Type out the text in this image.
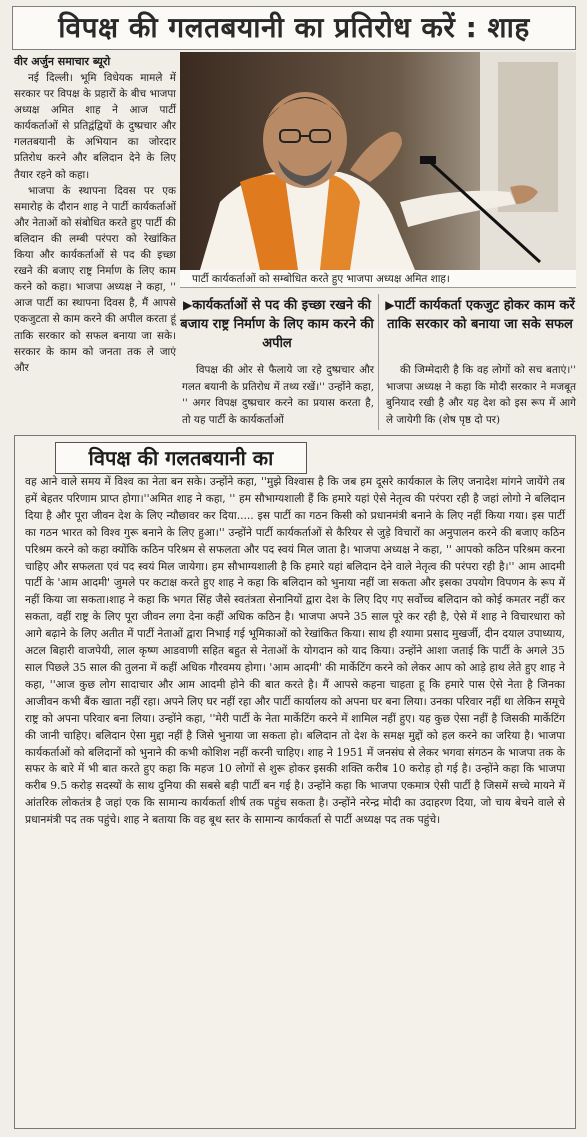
विपक्ष की गलतबयानी का प्रतिरोध करें : शाह
वीर अर्जुन समाचार ब्यूरो

नई दिल्ली। भूमि विधेयक मामले में सरकार पर विपक्ष के प्रहारों के बीच भाजपा अध्यक्ष अमित शाह ने आज पार्टी कार्यकर्ताओं से प्रतिद्वंद्वियों के दुष्प्रचार और गलतबयानी के अभियान का जोरदार प्रतिरोध करने और बलिदान देने के लिए तैयार रहने को कहा।

भाजपा के स्थापना दिवस पर एक समारोह के दौरान शाह ने पार्टी कार्यकर्ताओं और नेताओं को संबोधित करते हुए पार्टी की बलिदान की लम्बी परंपरा को रेखांकित किया और कार्यकर्ताओं से पद की इच्छा रखने की बजाए राष्ट्र निर्माण के लिए काम करने को कहा। भाजपा अध्यक्ष ने कहा, '' आज पार्टी का स्थापना दिवस है, मैं आपसे एकजुटता से काम करने की अपील करता हूं ताकि सरकार को सफल बनाया जा सके। सरकार के काम को जनता तक ले जाएं और

पार्टी कार्यकर्ताओं को सम्बोधित करते हुए भाजपा अध्यक्ष अमित शाह।
▶कार्यकर्ताओं से पद की इच्छा रखने की बजाय राष्ट्र निर्माण के लिए काम करने की अपील
▶पार्टी कार्यकर्ता एकजुट होकर काम करें ताकि सरकार को बनाया जा सके सफल

विपक्ष की ओर से फैलाये जा रहे दुष्प्रचार और गलत बयानी के प्रतिरोध में तथ्य रखें।'' उन्होंने कहा, '' अगर विपक्ष दुष्प्रचार करने का प्रयास करता है, तो यह पार्टी के कार्यकर्ताओं

की जिम्मेदारी है कि वह लोगों को सच बताएं।'' भाजपा अध्यक्ष ने कहा कि मोदी सरकार ने मजबूत बुनियाद रखी है और यह देश को इस रूप में आगे ले जायेगी कि (शेष पृष्ठ दो पर)

विपक्ष की गलतबयानी का

वह आने वाले समय में विश्व का नेता बन सके। उन्होंने कहा, ''मुझे विश्वास है कि जब हम दूसरे कार्यकाल के लिए जनादेश मांगने जायेंगे तब हमें बेहतर परिणाम प्राप्त होगा।''अमित शाह ने कहा, '' हम सौभाग्यशाली हैं कि हमारे यहां ऐसे नेतृत्व की परंपरा रही है जहां लोगो ने बलिदान दिया है और पूरा जीवन देश के लिए न्यौछावर कर दिया..... इस पार्टी का गठन किसी को प्रधानमंत्री बनाने के लिए नहीं किया गया। इस पार्टी का गठन भारत को विश्व गुरू बनाने के लिए हुआ।'' उन्होंने पार्टी कार्यकर्ताओं से कैरियर से जुड़े विचारों का अनुपालन करने की बजाए कठिन परिश्रम करने को कहा क्योंकि कठिन परिश्रम से सफलता और पद स्वयं मिल जाता है। भाजपा अध्यक्ष ने कहा, '' आपको कठिन परिश्रम करना चाहिए और सफलता एवं पद स्वयं मिल जायेगा। हम सौभाग्यशाली है कि हमारे यहां बलिदान देने वाले नेतृत्व की परंपरा रही है।'' आम आदमी पार्टी के 'आम आदमी' जुमले पर कटाक्ष करते हुए शाह ने कहा कि बलिदान को भुनाया नहीं जा सकता और इसका उपयोग विपणन के रूप में नहीं किया जा सकता।शाह ने कहा कि भगत सिंह जैसे स्वतंत्रता सेनानियों द्वारा देश के लिए दिए गए सर्वोच्च बलिदान को कोई कमतर नहीं कर सकता, वहीं राष्ट्र के लिए पूरा जीवन लगा देना कहीं अधिक कठिन है। भाजपा अपने 35 साल पूरे कर रही है, ऐसे में शाह ने विचारधारा को आगे बढ़ाने के लिए अतीत में पार्टी नेताओं द्वारा निभाई गई भूमिकाओं को रेखांकित किया। साथ ही श्यामा प्रसाद मुखर्जी, दीन दयाल उपाध्याय, अटल बिहारी वाजपेयी, लाल कृष्ण आडवाणी सहित बहुत से नेताओं के योगदान को याद किया। उन्होंने आशा जताई कि पार्टी के अगले 35 साल पिछले 35 साल की तुलना में कहीं अधिक गौरवमय होगा। 'आम आदमी' की मार्केटिंग करने को लेकर आप को आड़े हाथ लेते हुए शाह ने कहा, ''आज कुछ लोग सादाचार और आम आदमी होने की बात करते है। मैं आपसे कहना चाहता हू कि हमारे पास ऐसे नेता है जिनका आजीवन कभी बैंक खाता नहीं रहा। अपने लिए घर नहीं रहा और पार्टी कार्यालय को अपना घर बना लिया। उनका परिवार नहीं था लेकिन समूचे राष्ट्र को अपना परिवार बना लिया। उन्होंने कहा, ''मेरी पार्टी के नेता मार्केटिंग करने में शामिल नहीं हुए। यह कुछ ऐसा नहीं है जिसकी मार्केटिंग की जानी चाहिए। बलिदान ऐसा मुद्दा नहीं है जिसे भुनाया जा सकता हो। बलिदान तो देश के समक्ष मुद्दों को हल करने का जरिया है। भाजपा कार्यकर्ताओं को बलिदानों को भुनाने की कभी कोशिश नहीं करनी चाहिए। शाह ने 1951 में जनसंघ से लेकर भगवा संगठन के भाजपा तक के सफर के बारे में भी बात करते हुए कहा कि महज 10 लोगों से शुरू होकर इसकी शक्ति करीब 10 करोड़ हो गई है। उन्होंने कहा कि भाजपा करीब 9.5 करोड़ सदस्यों के साथ दुनिया की सबसे बड़ी पार्टी बन गई है। उन्होंने कहा कि भाजपा एकमात्र ऐसी पार्टी है जिसमें सच्चे मायने में आंतरिक लोकतंत्र है जहां एक कि सामान्य कार्यकर्ता शीर्ष तक पहुंच सकता है। उन्होंने नरेन्द्र मोदी का उदाहरण दिया, जो चाय बेचने वाले से प्रधानमंत्री पद तक पहुंचे। शाह ने बताया कि वह बूथ स्तर के सामान्य कार्यकर्ता से पार्टी अध्यक्ष पद तक पहुंचे।
